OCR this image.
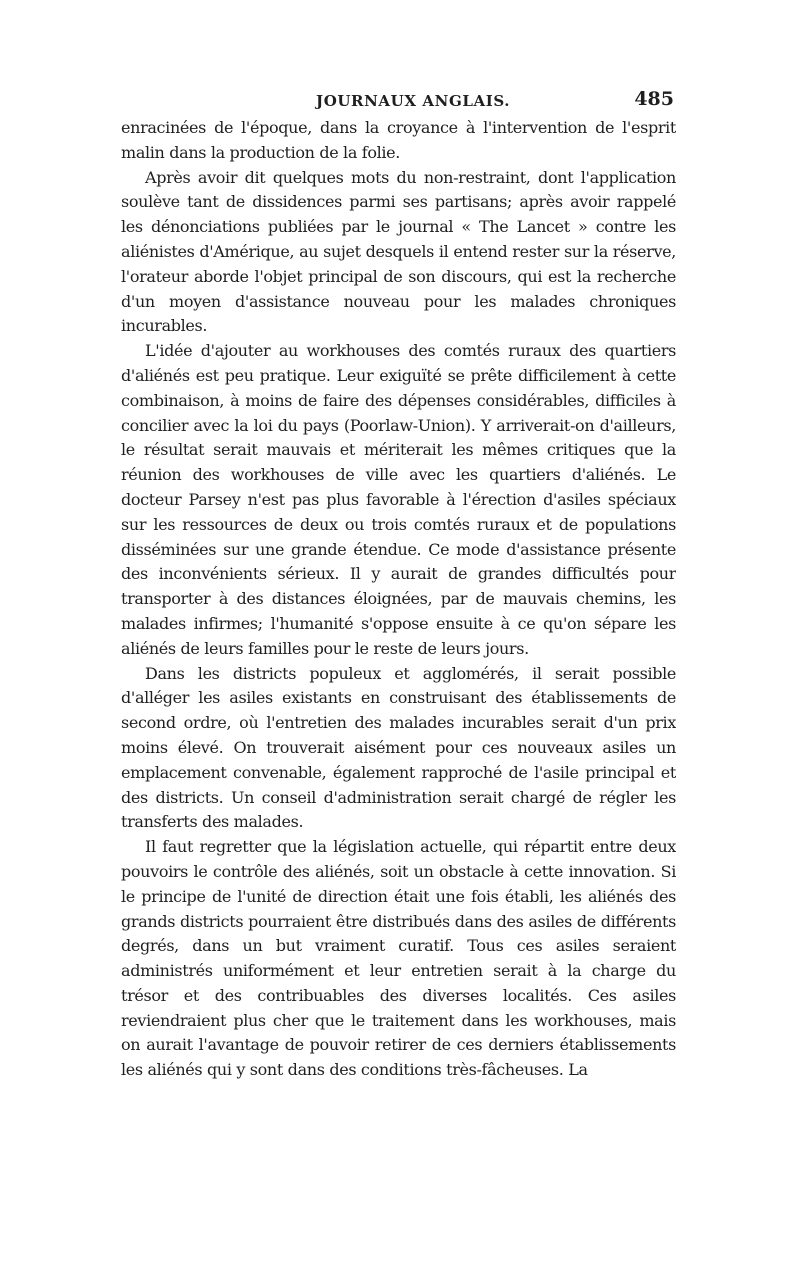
JOURNAUX ANGLAIS.	485

enracinées de l'époque, dans la croyance à l'intervention de l'esprit malin dans la production de la folie.

Après avoir dit quelques mots du non-restraint, dont l'application soulève tant de dissidences parmi ses partisans; après avoir rappelé les dénonciations publiées par le journal « The Lancet » contre les aliénistes d'Amérique, au sujet desquels il entend rester sur la réserve, l'orateur aborde l'objet principal de son discours, qui est la recherche d'un moyen d'assistance nouveau pour les malades chroniques incurables.

L'idée d'ajouter au workhouses des comtés ruraux des quartiers d'aliénés est peu pratique. Leur exiguïté se prête difficilement à cette combinaison, à moins de faire des dépenses considérables, difficiles à concilier avec la loi du pays (Poorlaw-Union). Y arriverait-on d'ailleurs, le résultat serait mauvais et mériterait les mêmes critiques que la réunion des workhouses de ville avec les quartiers d'aliénés. Le docteur Parsey n'est pas plus favorable à l'érection d'asiles spéciaux sur les ressources de deux ou trois comtés ruraux et de populations disséminées sur une grande étendue. Ce mode d'assistance présente des inconvénients sérieux. Il y aurait de grandes difficultés pour transporter à des distances éloignées, par de mauvais chemins, les malades infirmes; l'humanité s'oppose ensuite à ce qu'on sépare les aliénés de leurs familles pour le reste de leurs jours.

Dans les districts populeux et agglomérés, il serait possible d'alléger les asiles existants en construisant des établissements de second ordre, où l'entretien des malades incurables serait d'un prix moins élevé. On trouverait aisément pour ces nouveaux asiles un emplacement convenable, également rapproché de l'asile principal et des districts. Un conseil d'administration serait chargé de régler les transferts des malades.

Il faut regretter que la législation actuelle, qui répartit entre deux pouvoirs le contrôle des aliénés, soit un obstacle à cette innovation. Si le principe de l'unité de direction était une fois établi, les aliénés des grands districts pourraient être distribués dans des asiles de différents degrés, dans un but vraiment curatif. Tous ces asiles seraient administrés uniformément et leur entretien serait à la charge du trésor et des contribuables des diverses localités. Ces asiles reviendraient plus cher que le traitement dans les workhouses, mais on aurait l'avantage de pouvoir retirer de ces derniers établissements les aliénés qui y sont dans des conditions très-fâcheuses. La
